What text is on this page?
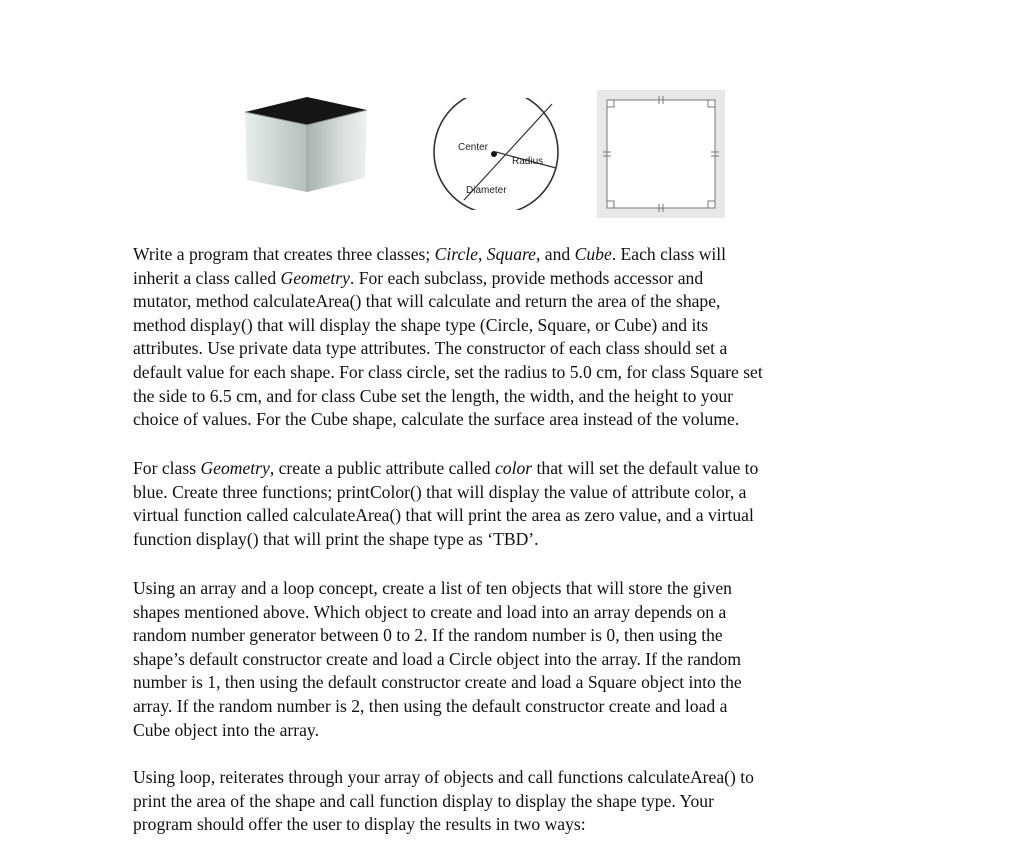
Center
Radius
Diameter
Write a program that creates three classes; Circle, Square, and Cube. Each class will
inherit a class called Geometry. For each subclass, provide methods accessor and
mutator, method calculateArea() that will calculate and return the area of the shape,
method display() that will display the shape type (Circle, Square, or Cube) and its
attributes. Use private data type attributes. The constructor of each class should set a
default value for each shape. For class circle, set the radius to 5.0 cm, for class Square set
the side to 6.5 cm, and for class Cube set the length, the width, and the height to your
choice of values. For the Cube shape, calculate the surface area instead of the volume.
For class Geometry, create a public attribute called color that will set the default value to
blue. Create three functions; printColor() that will display the value of attribute color, a
virtual function called calculateArea() that will print the area as zero value, and a virtual
function display() that will print the shape type as ‘TBD’.
Using an array and a loop concept, create a list of ten objects that will store the given
shapes mentioned above. Which object to create and load into an array depends on a
random number generator between 0 to 2. If the random number is 0, then using the
shape’s default constructor create and load a Circle object into the array. If the random
number is 1, then using the default constructor create and load a Square object into the
array. If the random number is 2, then using the default constructor create and load a
Cube object into the array.
Using loop, reiterates through your array of objects and call functions calculateArea() to
print the area of the shape and call function display to display the shape type. Your
program should offer the user to display the results in two ways:
